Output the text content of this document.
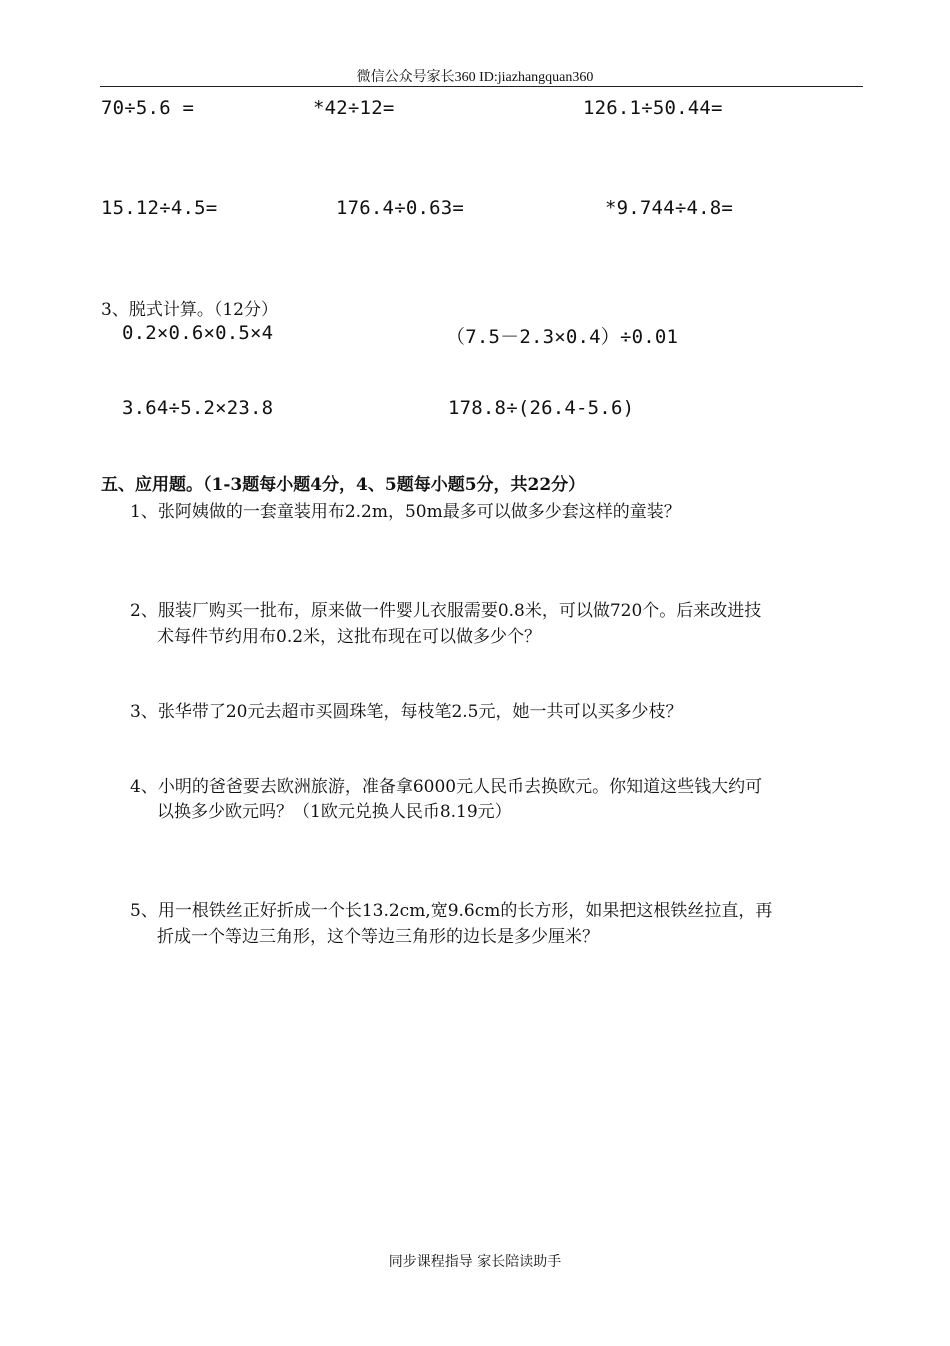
微信公众号家长360 ID:jiazhangquan360
70÷5.6 =	*42÷12=	126.1÷50.44=
15.12÷4.5=	176.4÷0.63=	*9.744÷4.8=
3、脱式计算。（12分）
0.2×0.6×0.5×4	（7.5－2.3×0.4）÷0.01
3.64÷5.2×23.8	178.8÷(26.4-5.6)
五、应用题。（1-3题每小题4分，4、5题每小题5分，共22分）
1、张阿姨做的一套童装用布2.2m，50m最多可以做多少套这样的童装？
2、服装厂购买一批布，原来做一件婴儿衣服需要0.8米，可以做720个。后来改进技
术每件节约用布0.2米，这批布现在可以做多少个？
3、张华带了20元去超市买圆珠笔，每枝笔2.5元，她一共可以买多少枝？
4、小明的爸爸要去欧洲旅游，准备拿6000元人民币去换欧元。你知道这些钱大约可
以换多少欧元吗？（1欧元兑换人民币8.19元）
5、用一根铁丝正好折成一个长13.2cm,宽9.6cm的长方形，如果把这根铁丝拉直，再
折成一个等边三角形，这个等边三角形的边长是多少厘米？
同步课程指导 家长陪读助手
